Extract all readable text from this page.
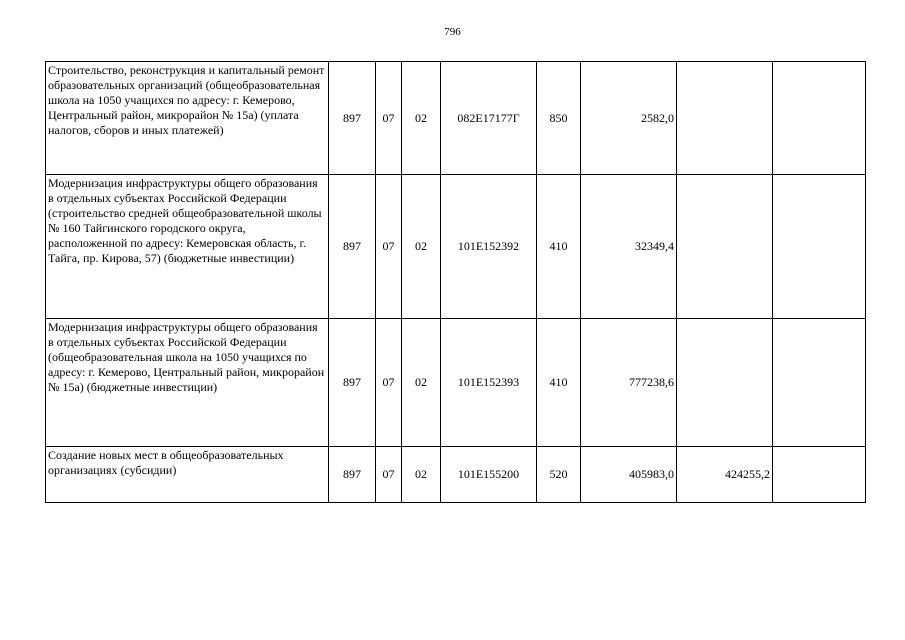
796
Строительство, реконструкция и капитальный ремонт образовательных организаций (общеобразовательная школа на 1050 учащихся по адресу: г. Кемерово, Центральный район, микрорайон № 15а) (уплата налогов, сборов и иных платежей)	897	07	02	082Е17177Г	850	2582,0		
Модернизация инфраструктуры общего образования в отдельных субъектах Российской Федерации (строительство средней общеобразовательной школы № 160 Тайгинского городского округа, расположенной по адресу: Кемеровская область, г. Тайга, пр. Кирова, 57) (бюджетные инвестиции)	897	07	02	101Е152392	410	32349,4		
Модернизация инфраструктуры общего образования в отдельных субъектах Российской Федерации (общеобразовательная школа на 1050 учащихся по адресу: г. Кемерово, Центральный район, микрорайон № 15а) (бюджетные инвестиции)	897	07	02	101Е152393	410	777238,6		
Создание новых мест в общеобразовательных организациях (субсидии)	897	07	02	101Е155200	520	405983,0	424255,2	
